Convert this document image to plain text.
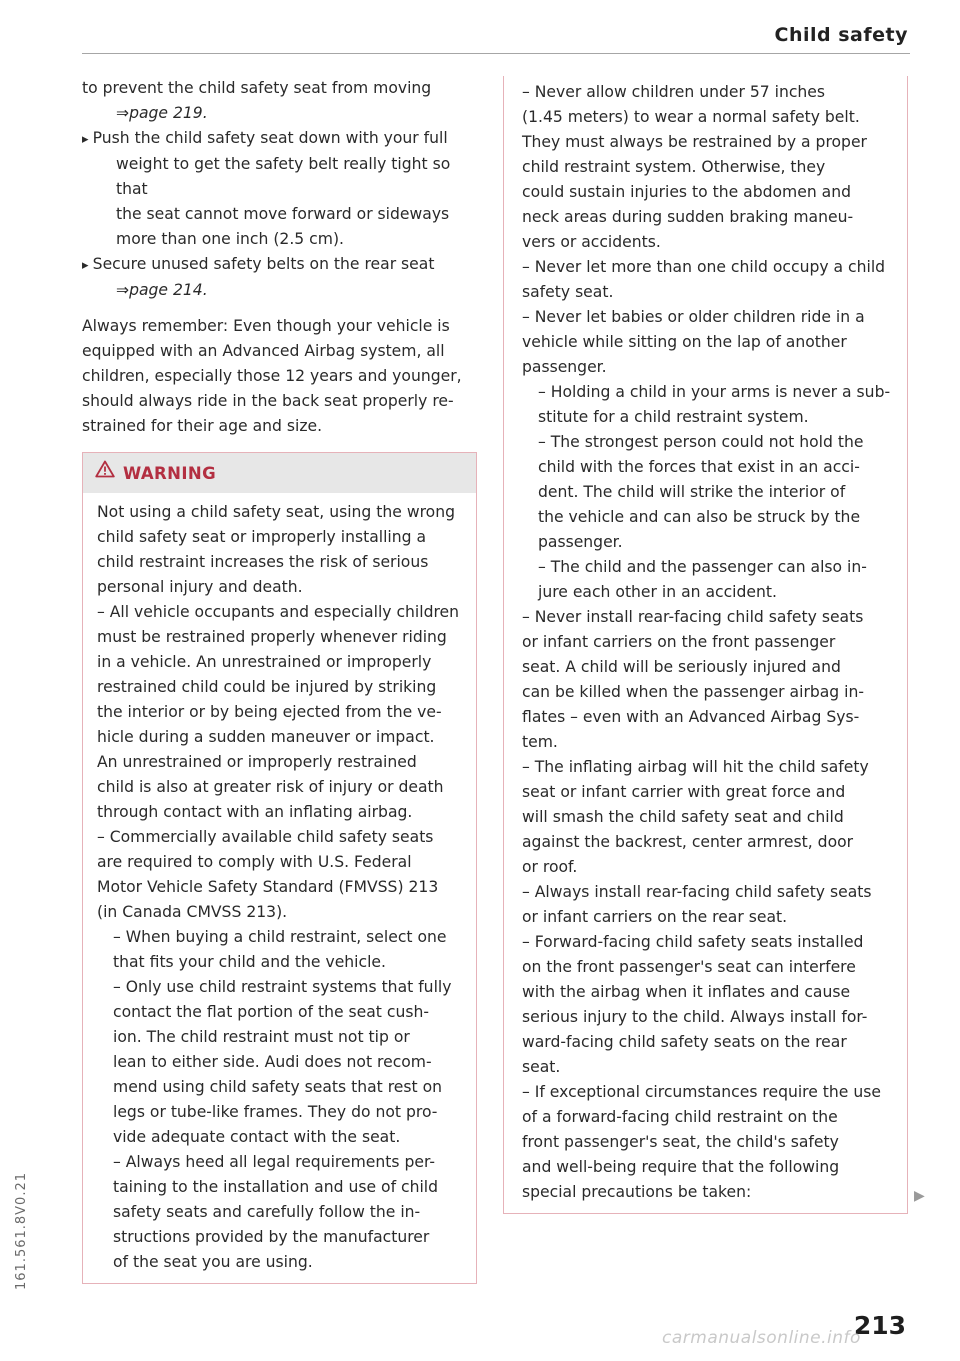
Child safety

to prevent the child safety seat from moving

⇒page 219.

▸ Push the child safety seat down with your full

weight to get the safety belt really tight so that

the seat cannot move forward or sideways

more than one inch (2.5 cm).

▸ Secure unused safety belts on the rear seat

⇒page 214.

Always remember: Even though your vehicle is

equipped with an Advanced Airbag system, all

children, especially those 12 years and younger,

should always ride in the back seat properly re-

strained for their age and size.

WARNING

Not using a child safety seat, using the wrong

child safety seat or improperly installing a

child restraint increases the risk of serious

personal injury and death.

– All vehicle occupants and especially children

must be restrained properly whenever riding

in a vehicle. An unrestrained or improperly

restrained child could be injured by striking

the interior or by being ejected from the ve-

hicle during a sudden maneuver or impact.

An unrestrained or improperly restrained

child is also at greater risk of injury or death

through contact with an inflating airbag.

– Commercially available child safety seats

are required to comply with U.S. Federal

Motor Vehicle Safety Standard (FMVSS) 213

(in Canada CMVSS 213).

– When buying a child restraint, select one

that fits your child and the vehicle.

– Only use child restraint systems that fully

contact the flat portion of the seat cush-

ion. The child restraint must not tip or

lean to either side. Audi does not recom-

mend using child safety seats that rest on

legs or tube-like frames. They do not pro-

vide adequate contact with the seat.

– Always heed all legal requirements per-

taining to the installation and use of child

safety seats and carefully follow the in-

structions provided by the manufacturer

of the seat you are using.

– Never allow children under 57 inches

(1.45 meters) to wear a normal safety belt.

They must always be restrained by a proper

child restraint system. Otherwise, they

could sustain injuries to the abdomen and

neck areas during sudden braking maneu-

vers or accidents.

– Never let more than one child occupy a child

safety seat.

– Never let babies or older children ride in a

vehicle while sitting on the lap of another

passenger.

– Holding a child in your arms is never a sub-

stitute for a child restraint system.

– The strongest person could not hold the

child with the forces that exist in an acci-

dent. The child will strike the interior of

the vehicle and can also be struck by the

passenger.

– The child and the passenger can also in-

jure each other in an accident.

– Never install rear-facing child safety seats

or infant carriers on the front passenger

seat. A child will be seriously injured and

can be killed when the passenger airbag in-

flates – even with an Advanced Airbag Sys-

tem.

– The inflating airbag will hit the child safety

seat or infant carrier with great force and

will smash the child safety seat and child

against the backrest, center armrest, door

or roof.

– Always install rear-facing child safety seats

or infant carriers on the rear seat.

– Forward-facing child safety seats installed

on the front passenger's seat can interfere

with the airbag when it inflates and cause

serious injury to the child. Always install for-

ward-facing child safety seats on the rear

seat.

– If exceptional circumstances require the use

of a forward-facing child restraint on the

front passenger's seat, the child's safety

and well-being require that the following

special precautions be taken:	▶
213
161.561.8V0.21
carmanualsonline.info
